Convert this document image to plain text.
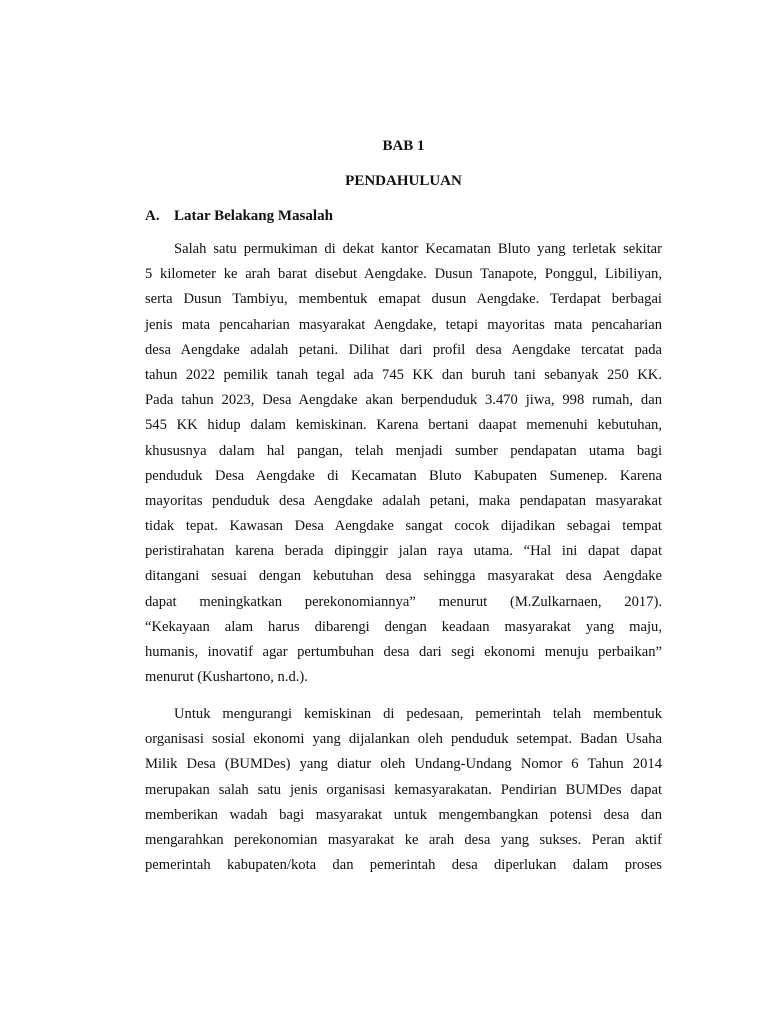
BAB 1
PENDAHULUAN
A. Latar Belakang Masalah
Salah satu permukiman di dekat kantor Kecamatan Bluto yang terletak sekitar
5 kilometer ke arah barat disebut Aengdake. Dusun Tanapote, Ponggul, Libiliyan,
serta Dusun Tambiyu, membentuk emapat dusun Aengdake. Terdapat berbagai
jenis mata pencaharian masyarakat Aengdake, tetapi mayoritas mata pencaharian
desa Aengdake adalah petani. Dilihat dari profil desa Aengdake tercatat pada
tahun 2022 pemilik tanah tegal ada 745 KK dan buruh tani sebanyak 250 KK.
Pada tahun 2023, Desa Aengdake akan berpenduduk 3.470 jiwa, 998 rumah, dan
545 KK hidup dalam kemiskinan. Karena bertani daapat memenuhi kebutuhan,
khususnya dalam hal pangan, telah menjadi sumber pendapatan utama bagi
penduduk Desa Aengdake di Kecamatan Bluto Kabupaten Sumenep. Karena
mayoritas penduduk desa Aengdake adalah petani, maka pendapatan masyarakat
tidak tepat. Kawasan Desa Aengdake sangat cocok dijadikan sebagai tempat
peristirahatan karena berada dipinggir jalan raya utama. “Hal ini dapat dapat
ditangani sesuai dengan kebutuhan desa sehingga masyarakat desa Aengdake
dapat meningkatkan perekonomiannya” menurut (M.Zulkarnaen, 2017).
“Kekayaan alam harus dibarengi dengan keadaan masyarakat yang maju,
humanis, inovatif agar pertumbuhan desa dari segi ekonomi menuju perbaikan”
menurut (Kushartono, n.d.).
Untuk mengurangi kemiskinan di pedesaan, pemerintah telah membentuk
organisasi sosial ekonomi yang dijalankan oleh penduduk setempat. Badan Usaha
Milik Desa (BUMDes) yang diatur oleh Undang-Undang Nomor 6 Tahun 2014
merupakan salah satu jenis organisasi kemasyarakatan. Pendirian BUMDes dapat
memberikan wadah bagi masyarakat untuk mengembangkan potensi desa dan
mengarahkan perekonomian masyarakat ke arah desa yang sukses. Peran aktif
pemerintah kabupaten/kota dan pemerintah desa diperlukan dalam proses
